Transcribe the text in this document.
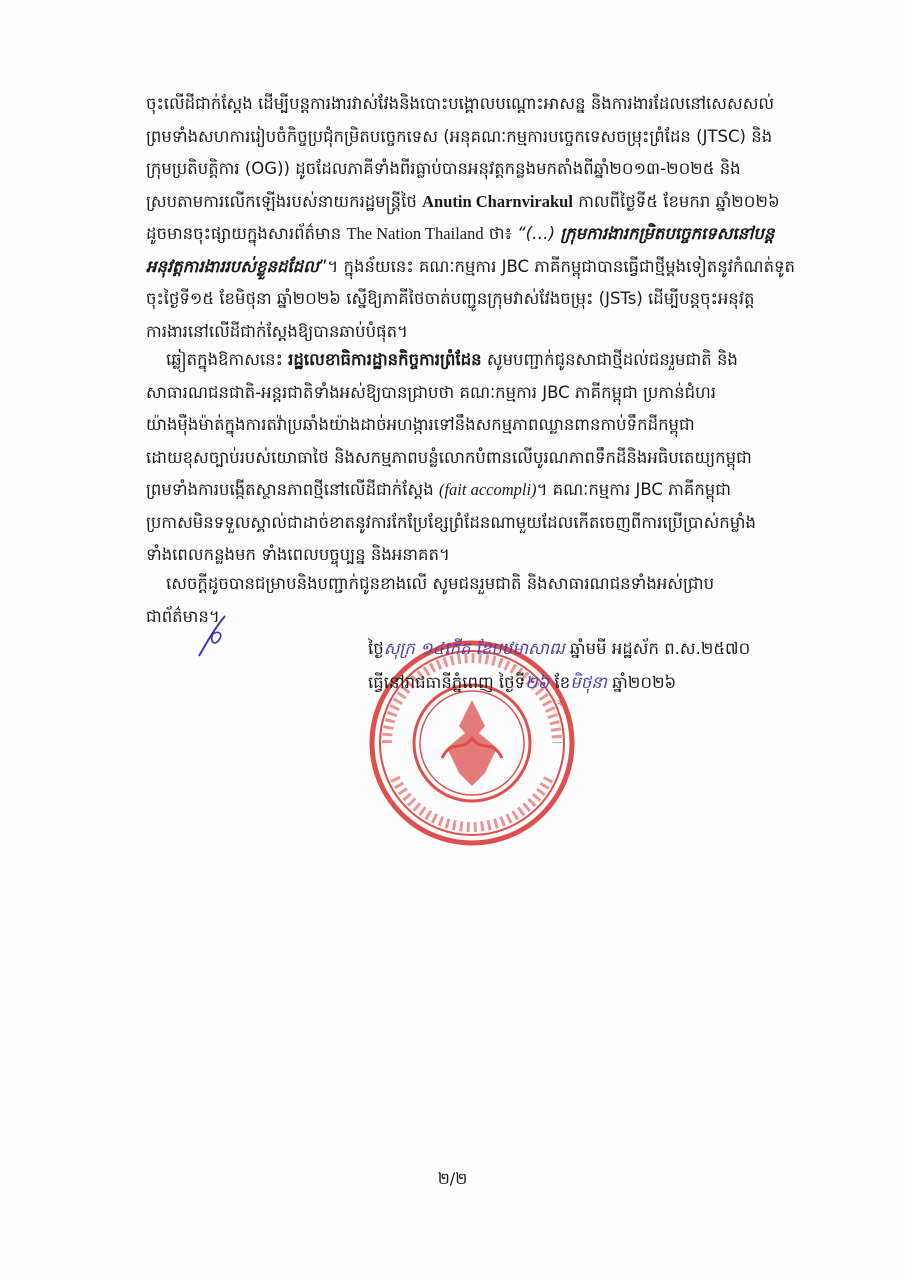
ចុះលើដីជាក់ស្តែង ដើម្បីបន្តការងារវាស់វែងនិងបោះបង្គោលបណ្តោះអាសន្ន និងការងារដែលនៅសេសសល់
ព្រមទាំងសហការរៀបចំកិច្ចប្រជុំកម្រិតបច្ចេកទេស (អនុគណៈកម្មការបច្ចេកទេសចម្រុះព្រំដែន (JTSC) និង
ក្រុមប្រតិបត្តិការ (OG)) ដូចដែលភាគីទាំងពីរធ្លាប់បានអនុវត្តកន្លងមកតាំងពីឆ្នាំ២០១៣-២០២៥ និង
ស្របតាមការលើកឡើងរបស់នាយករដ្ឋមន្ត្រីថៃ Anutin Charnvirakul កាលពីថ្ងៃទី៥ ខែមករា ឆ្នាំ២០២៦
ដូចមានចុះផ្សាយក្នុងសារព័ត៌មាន The Nation Thailand ថា៖ “(…) ក្រុមការងារកម្រិតបច្ចេកទេសនៅបន្ត
អនុវត្តការងាររបស់ខ្លួនដដែល”។ ក្នុងន័យនេះ គណៈកម្មការ JBC ភាគីកម្ពុជាបានធ្វើជាថ្មីម្តងទៀតនូវកំណត់ទូត
ចុះថ្ងៃទី១៥ ខែមិថុនា ឆ្នាំ២០២៦ ស្នើឱ្យភាគីថៃចាត់បញ្ជូនក្រុមវាស់វែងចម្រុះ (JSTs) ដើម្បីបន្តចុះអនុវត្ត
ការងារនៅលើដីជាក់ស្តែងឱ្យបានឆាប់បំផុត។
ឆ្លៀតក្នុងឱកាសនេះ រដ្ឋលេខាធិការដ្ឋានកិច្ចការព្រំដែន សូមបញ្ជាក់ជូនសាជាថ្មីដល់ជនរួមជាតិ និង
សាធារណជនជាតិ-អន្តរជាតិទាំងអស់ឱ្យបានជ្រាបថា គណៈកម្មការ JBC ភាគីកម្ពុជា ប្រកាន់ជំហរ
យ៉ាងម៉ឺងម៉ាត់ក្នុងការតវ៉ាប្រឆាំងយ៉ាងដាច់អហង្ការទៅនឹងសកម្មភាពឈ្លានពានកាប់ទឹកដីកម្ពុជា
ដោយខុសច្បាប់របស់យោធាថៃ និងសកម្មភាពបន្លំលោកបំពានលើបូរណភាពទឹកដីនិងអធិបតេយ្យកម្ពុជា
ព្រមទាំងការបង្កើតស្ថានភាពថ្មីនៅលើដីជាក់ស្តែង (fait accompli)។ គណៈកម្មការ JBC ភាគីកម្ពុជា
ប្រកាសមិនទទួលស្គាល់ជាដាច់ខាតនូវការកែប្រែខ្សែព្រំដែនណាមួយដែលកើតចេញពីការប្រើប្រាស់កម្លាំង
ទាំងពេលកន្លងមក ទាំងពេលបច្ចុប្បន្ន និងអនាគត។
សេចក្តីដូចបានជម្រាបនិងបញ្ជាក់ជូនខាងលើ សូមជនរួមជាតិ និងសាធារណជនទាំងអស់ជ្រាប
ជាព័ត៌មាន។
*
ថ្ងៃសុក្រ ១៤កើត ខែបឋមាសាឍ ឆ្នាំមមី អដ្ឋស័ក ព.ស.២៥៧០
ធ្វើនៅរាជធានីភ្នំពេញ ថ្ងៃទី២៦ ខែមិថុនា ឆ្នាំ២០២៦
២/២
